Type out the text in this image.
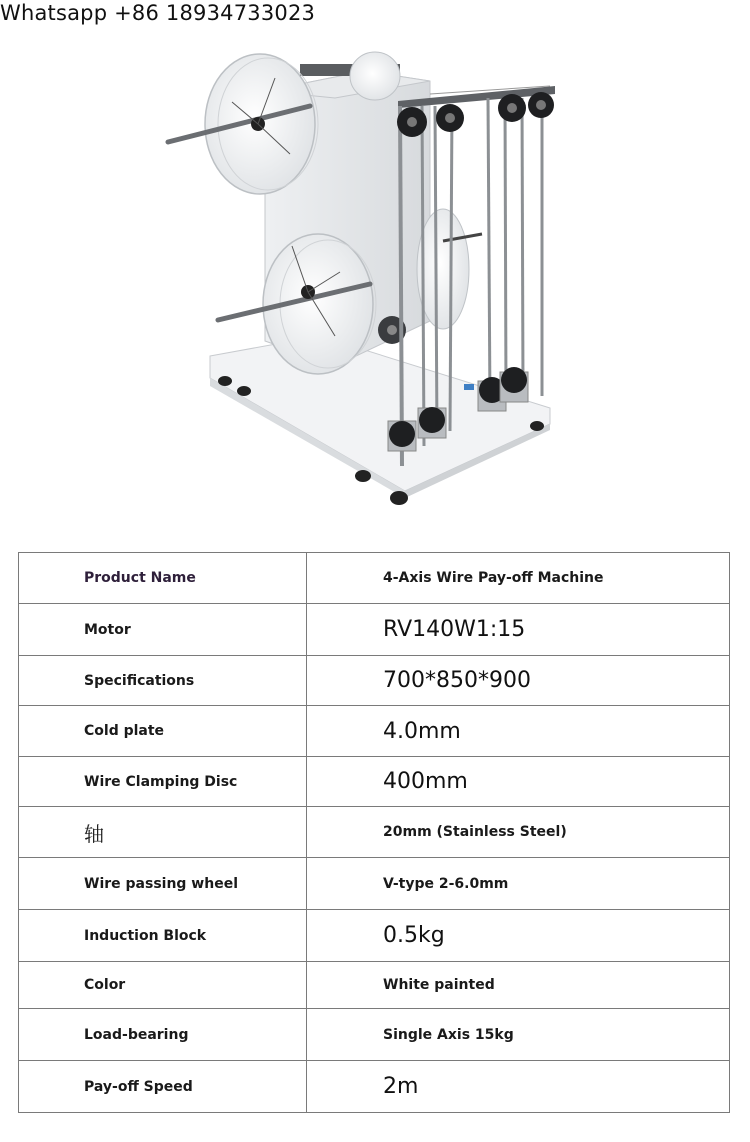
Whatsapp +86 18934733023
Product Name	4-Axis Wire Pay-off Machine
Motor	RV140W1:15
Specifications	700*850*900
Cold plate	4.0mm
Wire Clamping Disc	400mm
轴	20mm (Stainless Steel)
Wire passing wheel	V-type 2-6.0mm
Induction Block	0.5kg
Color	White painted
Load-bearing	Single Axis 15kg
Pay-off Speed	2m
